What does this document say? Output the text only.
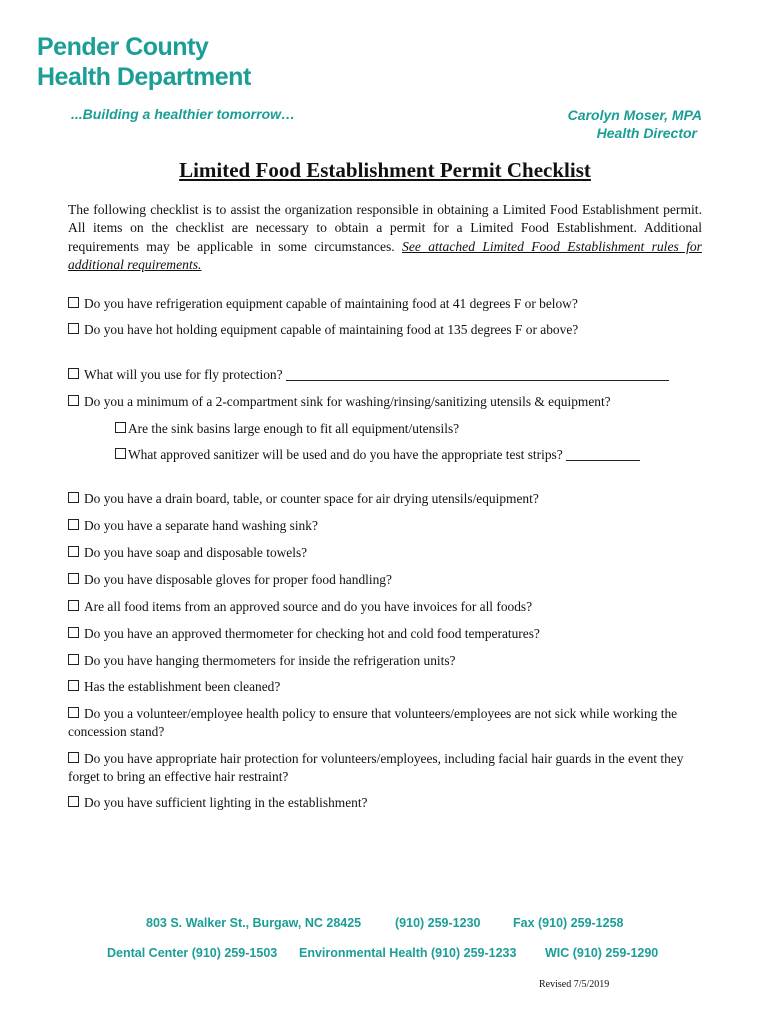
Pender County
Health Department
...Building a healthier tomorrow…	Carolyn Moser, MPA
Health Director
Limited Food Establishment Permit Checklist
The following checklist is to assist the organization responsible in obtaining a Limited Food Establishment permit. All items on the checklist are necessary to obtain a permit for a Limited Food Establishment. Additional requirements may be applicable in some circumstances. See attached Limited Food Establishment rules for additional requirements.
Do you have refrigeration equipment capable of maintaining food at 41 degrees F or below?
Do you have hot holding equipment capable of maintaining food at 135 degrees F or above?
What will you use for fly protection?
Do you a minimum of a 2-compartment sink for washing/rinsing/sanitizing utensils & equipment?
Are the sink basins large enough to fit all equipment/utensils?
What approved sanitizer will be used and do you have the appropriate test strips?
Do you have a drain board, table, or counter space for air drying utensils/equipment?
Do you have a separate hand washing sink?
Do you have soap and disposable towels?
Do you have disposable gloves for proper food handling?
Are all food items from an approved source and do you have invoices for all foods?
Do you have an approved thermometer for checking hot and cold food temperatures?
Do you have hanging thermometers for inside the refrigeration units?
Has the establishment been cleaned?
Do you a volunteer/employee health policy to ensure that volunteers/employees are not sick while working the concession stand?
Do you have appropriate hair protection for volunteers/employees, including facial hair guards in the event they forget to bring an effective hair restraint?
Do you have sufficient lighting in the establishment?
803 S. Walker St., Burgaw, NC 28425	(910) 259-1230	Fax (910) 259-1258
Dental Center (910) 259-1503 Environmental Health (910) 259-1233 WIC (910) 259-1290
Revised 7/5/2019
